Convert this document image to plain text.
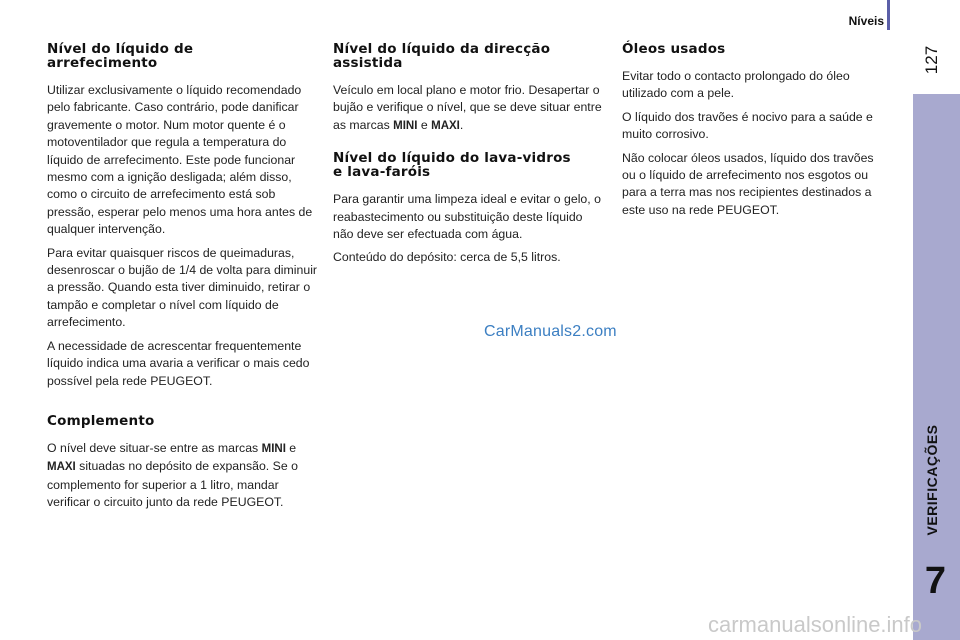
Níveis
127
VERIFICAÇÕES
7
Nível do líquido de
arrefecimento

Utilizar exclusivamente o líquido recomendado pelo fabricante. Caso contrário, pode danificar gravemente o motor. Num motor quente é o motoventilador que regula a temperatura do líquido de arrefecimento. Este pode funcionar mesmo com a ignição desligada; além disso, como o circuito de arrefecimento está sob pressão, esperar pelo menos uma hora antes de qualquer intervenção.

Para evitar quaisquer riscos de queimaduras, desenroscar o bujão de 1/4 de volta para diminuir a pressão. Quando esta tiver diminuido, retirar o tampão e completar o nível com líquido de arrefecimento.

A necessidade de acrescentar frequentemente líquido indica uma avaria a verificar o mais cedo possível pela rede PEUGEOT.

Complemento

O nível deve situar-se entre as marcas MINI e MAXI situadas no depósito de expansão. Se o complemento for superior a 1 litro, mandar verificar o circuito junto da rede PEUGEOT.

Nível do líquido da direcção
assistida

Veículo em local plano e motor frio. Desapertar o bujão e verifique o nível, que se deve situar entre as marcas MINI e MAXI.

Nível do líquido do lava-vidros
e lava-faróis

Para garantir uma limpeza ideal e evitar o gelo, o reabastecimento ou substituição deste líquido não deve ser efectuada com água.

Conteúdo do depósito: cerca de 5,5 litros.

Óleos usados

Evitar todo o contacto prolongado do óleo utilizado com a pele.

O líquido dos travões é nocivo para a saúde e muito corrosivo.

Não colocar óleos usados, líquido dos travões ou o líquido de arrefecimento nos esgotos ou para a terra mas nos recipientes destinados a este uso na rede PEUGEOT.

CarManuals2.com
carmanualsonline.info
